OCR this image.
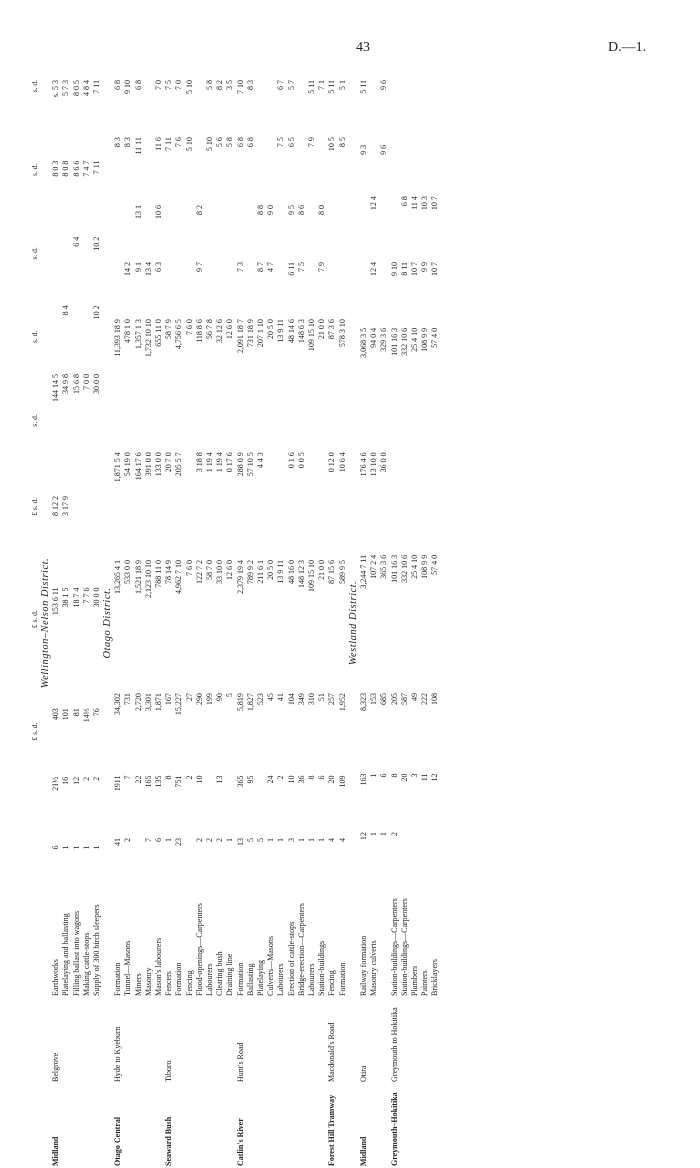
43	D.—1.
					£ s. d.	£ s. d.	£ s. d.	s. d.	s. d.	s. d.	s. d.	s. d.
Wellington–Nelson District.
Midland	Belgrove	Earthworks	6	21½	403	153 6 11	8 12 2	144 14 5			8 0 3	s. 5 3
		Platelaying and ballasting	1	16	101	38 1 5	3 17 9	34 9 8	8 4		8 0 8	5 7 3
		Filling ballast into wagons	1	12	81	18 7 4		15 6 8		6 4	8 6 6	8 0 5
		Making cattle-stops	1	2	14⅓	7 7 6		7 0 0			7 4 7	4 8 4
		Supply of 300 birch sleepers	1	2	76	30 0 0		30 0 0	10 2	10 2	7 11	7 11
Otago District.
Otago Central	Hyde to Kyeburn	Formation	41	1911	34,302	13,265 4 1	1,871 5 4	11,393 18 9			8 3	6 8
		Tunnel—Masons	2	7	731	533 0 0	54 19 0	478 1 0	14 2		8 3	9 10
		Miners		22	2,720	1,521 18 9	164 17 6	1,357 1 3	9 1	13 1	11 11	6 8
		Masonry	7	165	3,301	2,123 10 10	391 0 0	1,732 10 10	13 4			
		Mason's labourers	6	135	1,871	788 11 0	133 0 0	655 11 0	6 3	10 6	11 6	7 0
Seaward Bush	Tiboro	Fencers	1	8	167	78 14 9	20 7 0	58 7 9			7 11	7 5
		Formation	23	751	15,227	4,962 7 10	205 5 7	4,756 6 5			7 6	7 0
		Fencing		2	27	7 6 0		7 6 0			5 10	5 10
		Flood-openings—Carpenters	2	10	290	122 7 2	3 18 8	118 8 6	9 7	8 2		
		Labourers	2		199	58 7 0	1 19 4	56 7 8			5 10	5 8
		Clearing bush	2	13	90	33 10 0	1 19 4	32 12 6			5 6	8 2
		Draining line	1		5	12 6 0	0 17 6	12 6 0			5 8	3 5
Catlin's River	Hunt's Road	Formation	13	365	5,819	2,379 19 4	288 0 9	2,091 18 7	7 3		6 8	7 10
		Ballasting	5	95	1,827	789 9 2	57 10 5	731 18 9			6 8	8 3
		Platelaying	5		523	211 6 1	4 4 3	207 1 10	8 7	8 8		
		Culverts—Masons	1	24	45	20 5 0		20 5 0	4 7	9 0		
		Labourers	1	2	41	13 9 11		13 9 11			7 5	6 7
		Erection of cattle-stops	3	10	104	48 16 0	0 1 6	48 14 6	6 11	9 5	6 5	5 7
		Bridge-erection—Carpenters	1	36	349	148 12 3	0 0 5	148 6 3	7 5	8 6		
		Labourers	1	8	310	109 15 10		109 15 10			7 9	5 11
		Station-buildings	1	6	51	21 0 0		21 0 0	7 9	8 0		7 1
Forest Hill Tramway	Macdonald's Road	Fencing	4	20	257	87 15 6	0 12 0	87 3 6			10 5	5 11
		Formation	4	109	1,952	589 9 5	10 6 4	578 3 10			8 5	5 1
Westland District.
Midland	Otira	Railway formation	12	163	8,323	3,244 7 11	176 4 6	3,068 3 5			9 3	5 11
		Masonry culverts	1	1	153	107 2 4	13 10 0	94 0 4	12 4	12 4		
			1	6	685	365 3 6	36 0 0	329 3 6			9 6	9 6
Greymouth–Hokitika	Greymouth to Hokitika	Station-buildings—Carpenters	2	8	205	101 16 3		101 16 3	9 10			
		Station-buildings—Carpenters		20	587	332 10 6		332 10 6	8 11	6 8		
		Plumbers		3	49	25 4 10		25 4 10	10 7	11 4		
		Painters		11	222	108 9 9		108 9 9	9 9	10 3		
		Bricklayers		12	108	57 4 0		57 4 0	10 7	10 7		
